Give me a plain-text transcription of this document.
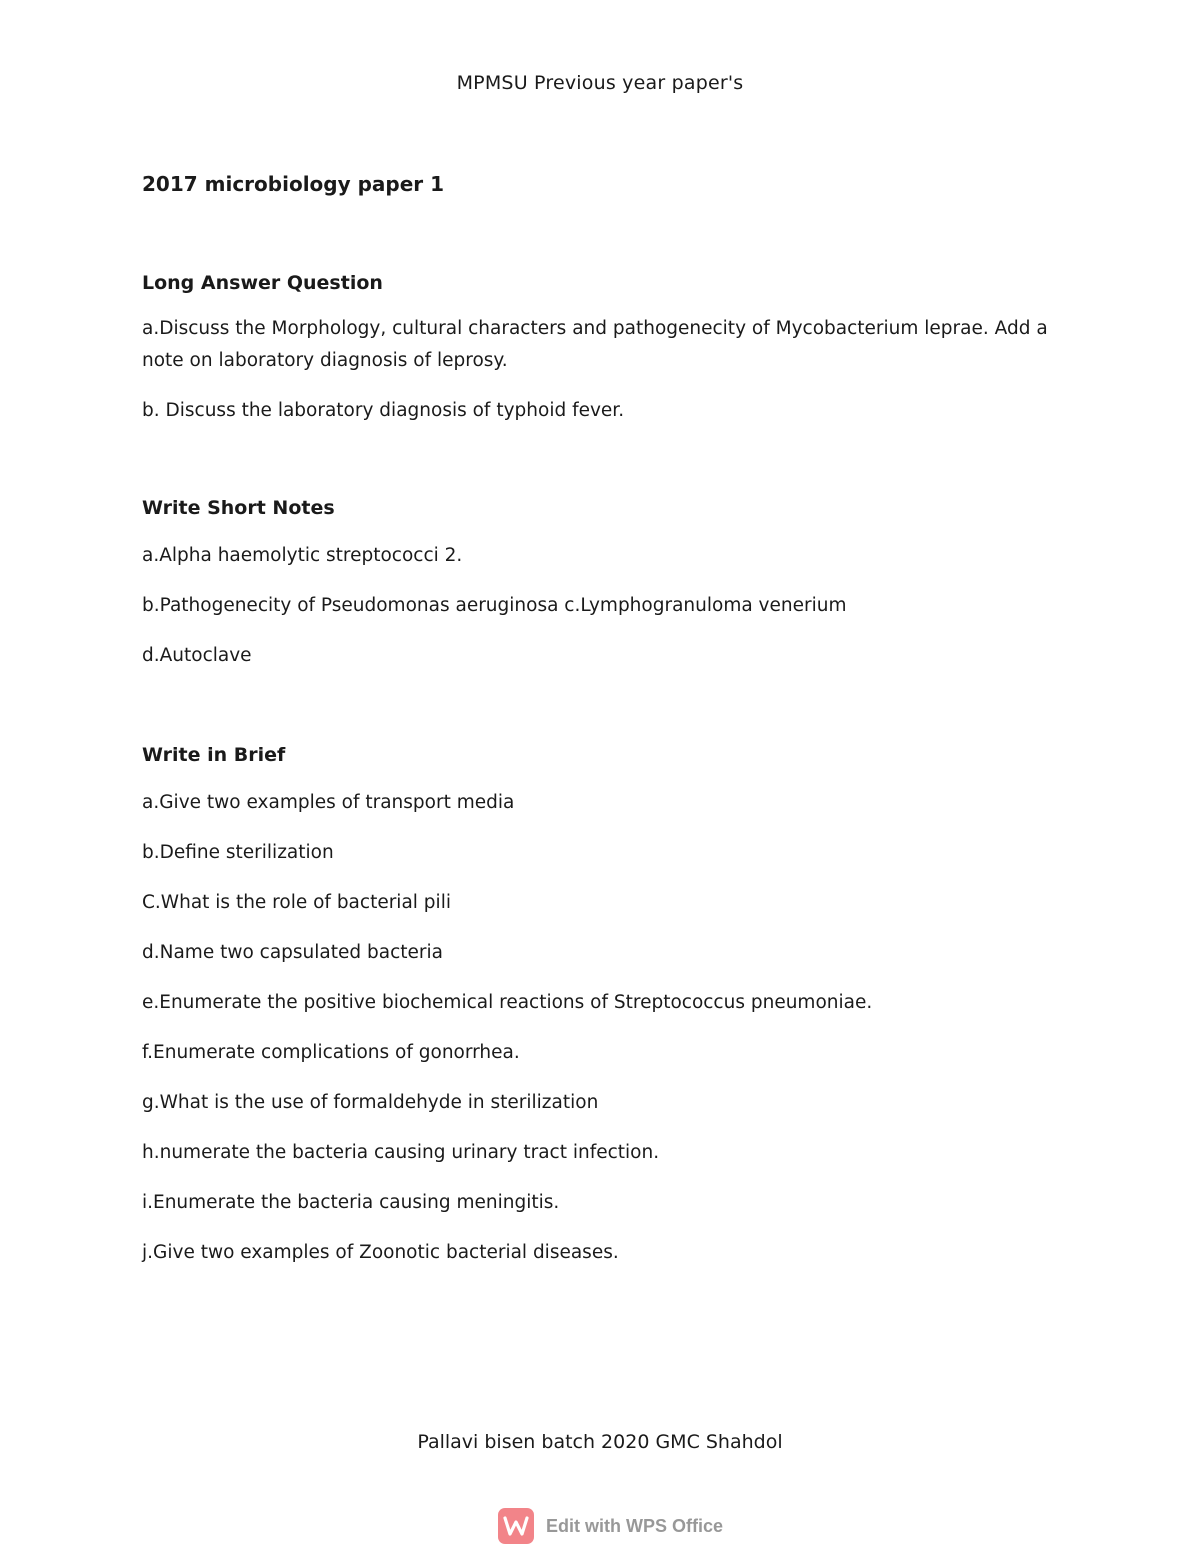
MPMSU Previous year paper's

2017 microbiology paper 1

Long Answer Question

a.Discuss the Morphology, cultural characters and pathogenecity of Mycobacterium leprae. Add a note on laboratory diagnosis of leprosy.

b. Discuss the laboratory diagnosis of typhoid fever.

Write Short Notes

a.Alpha haemolytic streptococci 2.

b.Pathogenecity of Pseudomonas aeruginosa c.Lymphogranuloma venerium

d.Autoclave

Write in Brief

a.Give two examples of transport media

b.Define sterilization

C.What is the role of bacterial pili

d.Name two capsulated bacteria

e.Enumerate the positive biochemical reactions of Streptococcus pneumoniae.

f.Enumerate complications of gonorrhea.

g.What is the use of formaldehyde in sterilization

h.numerate the bacteria causing urinary tract infection.

i.Enumerate the bacteria causing meningitis.

j.Give two examples of Zoonotic bacterial diseases.

Pallavi bisen batch 2020 GMC Shahdol
Edit with WPS Office
